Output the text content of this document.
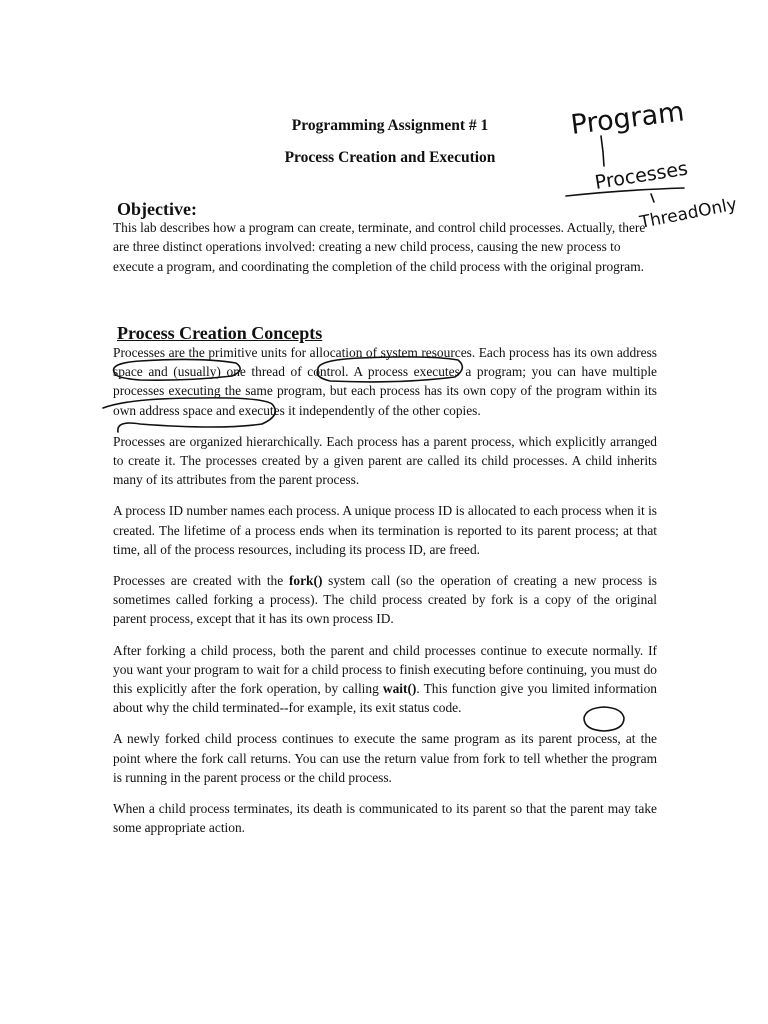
Programming Assignment # 1
Process Creation and Execution
Objective:

This lab describes how a program can create, terminate, and control child processes. Actually, there are three distinct operations involved: creating a new child process, causing the new process to execute a program, and coordinating the completion of the child process with the original program.

Process Creation Concepts

Processes are the primitive units for allocation of system resources. Each process has its own address space and (usually) one thread of control. A process executes a program; you can have multiple processes executing the same program, but each process has its own copy of the program within its own address space and executes it independently of the other copies.

Processes are organized hierarchically. Each process has a parent process, which explicitly arranged to create it. The processes created by a given parent are called its child processes. A child inherits many of its attributes from the parent process.

A process ID number names each process. A unique process ID is allocated to each process when it is created. The lifetime of a process ends when its termination is reported to its parent process; at that time, all of the process resources, including its process ID, are freed.

Processes are created with the fork() system call (so the operation of creating a new process is sometimes called forking a process). The child process created by fork is a copy of the original parent process, except that it has its own process ID.

After forking a child process, both the parent and child processes continue to execute normally. If you want your program to wait for a child process to finish executing before continuing, you must do this explicitly after the fork operation, by calling wait(). This function give you limited information about why the child terminated--for example, its exit status code.

A newly forked child process continues to execute the same program as its parent process, at the point where the fork call returns. You can use the return value from fork to tell whether the program is running in the parent process or the child process.

When a child process terminates, its death is communicated to its parent so that the parent may take some appropriate action.

Program
Processes
ThreadOnly
